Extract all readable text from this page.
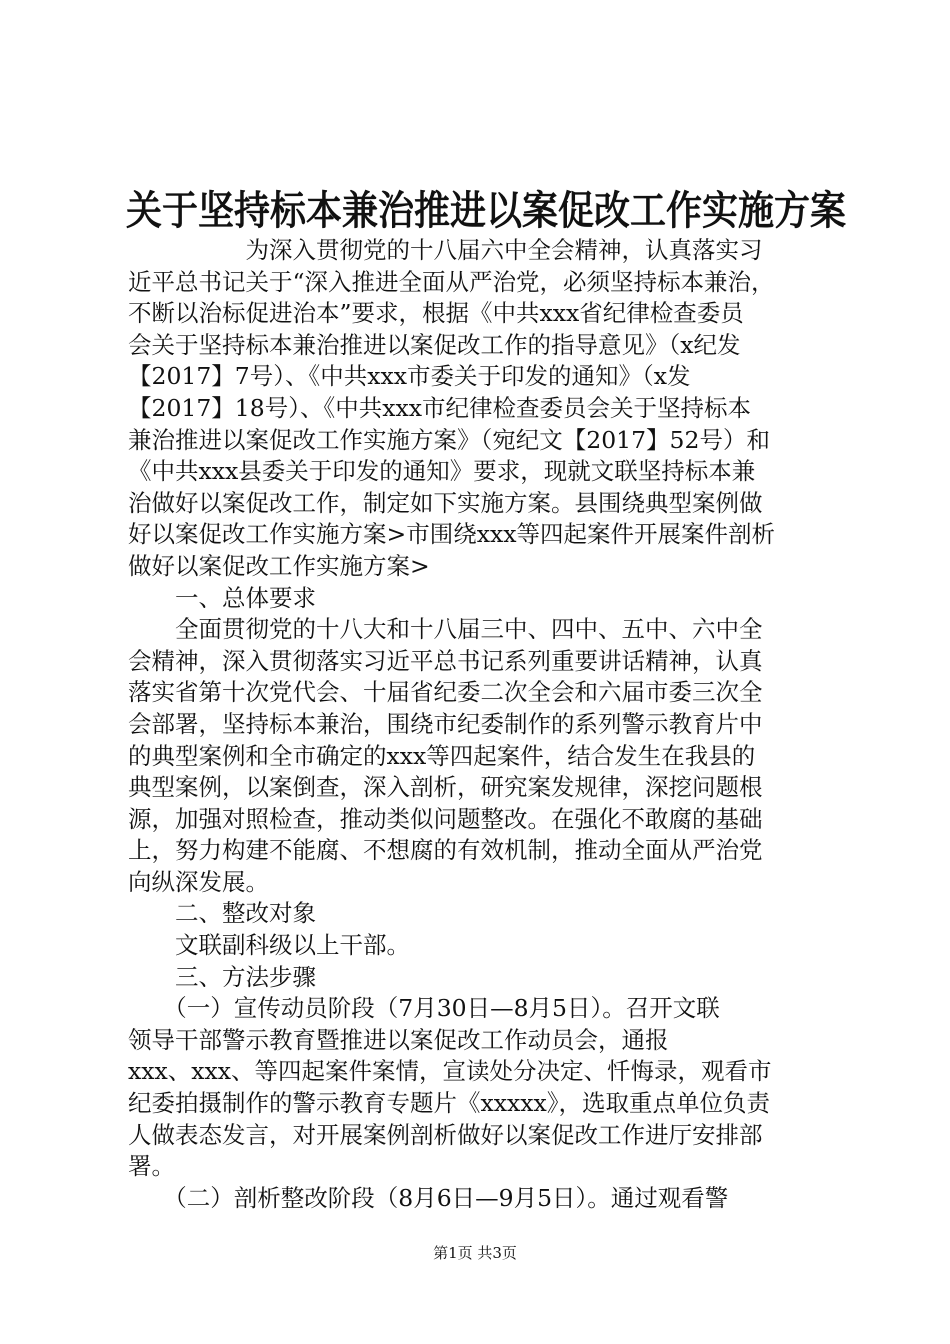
关于坚持标本兼治推进以案促改工作实施方案
　　　　　为深入贯彻党的十八届六中全会精神，认真落实习
近平总书记关于“深入推进全面从严治党，必须坚持标本兼治，
不断以治标促进治本”要求，根据《中共xxx省纪律检查委员
会关于坚持标本兼治推进以案促改工作的指导意见》（x纪发
【2017】7号）、《中共xxx市委关于印发的通知》（x发
【2017】18号）、《中共xxx市纪律检查委员会关于坚持标本
兼治推进以案促改工作实施方案》（宛纪文【2017】52号）和
《中共xxx县委关于印发的通知》要求，现就文联坚持标本兼
治做好以案促改工作，制定如下实施方案。县围绕典型案例做
好以案促改工作实施方案>市围绕xxx等四起案件开展案件剖析
做好以案促改工作实施方案>
　　一、总体要求
　　全面贯彻党的十八大和十八届三中、四中、五中、六中全
会精神，深入贯彻落实习近平总书记系列重要讲话精神，认真
落实省第十次党代会、十届省纪委二次全会和六届市委三次全
会部署，坚持标本兼治，围绕市纪委制作的系列警示教育片中
的典型案例和全市确定的xxx等四起案件，结合发生在我县的
典型案例，以案倒查，深入剖析，研究案发规律，深挖问题根
源，加强对照检查，推动类似问题整改。在强化不敢腐的基础
上，努力构建不能腐、不想腐的有效机制，推动全面从严治党
向纵深发展。
　　二、整改对象
　　文联副科级以上干部。
　　三、方法步骤
　　（一）宣传动员阶段（7月30日—8月5日）。召开文联
领导干部警示教育暨推进以案促改工作动员会，通报
xxx、xxx、等四起案件案情，宣读处分决定、忏悔录，观看市
纪委拍摄制作的警示教育专题片《xxxxx》，选取重点单位负责
人做表态发言，对开展案例剖析做好以案促改工作进厅安排部
署。
　　（二）剖析整改阶段（8月6日—9月5日）。通过观看警
第1页 共3页
